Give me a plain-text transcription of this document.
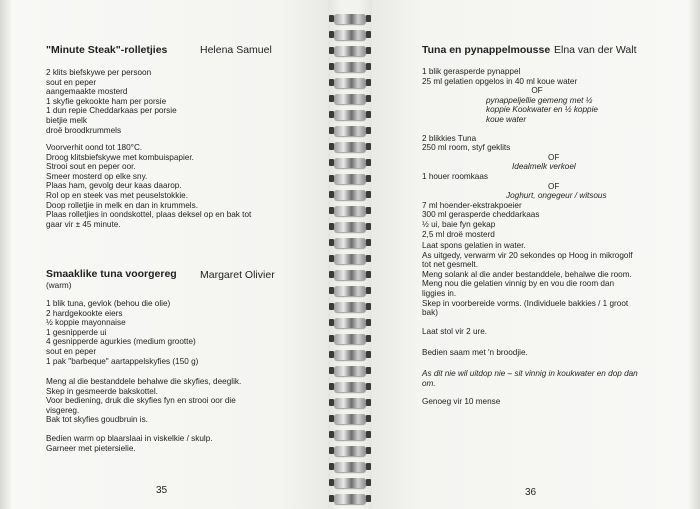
"Minute Steak"-rolletjies	Helena Samuel
2 klits biefskywe per persoon
sout en peper
aangemaakte mosterd
1 skyfie gekookte ham per porsie
1 dun repie Cheddarkaas per porsie
bietjie melk
droë broodkrummels
Voorverhit oond tot 180°C.
Droog klitsbiefskywe met kombuispapier.
Strooi sout en peper oor.
Smeer mosterd op elke sny.
Plaas ham, gevolg deur kaas daarop.
Rol op en steek vas met peuselstokkie.
Doop rolletjie in melk en dan in krummels.
Plaas rolletjies in oondskottel, plaas deksel op en bak tot
gaar vir ± 45 minute.
Smaaklike tuna voorgereg Margaret Olivier
(warm)
1 blik tuna, gevlok (behou die olie)
2 hardgekookte eiers
½ koppie mayonnaise
1 gesnipperde ui
4 gesnipperde agurkies (medium grootte)
sout en peper
1 pak "barbeque" aartappelskyfies (150 g)
Meng al die bestanddele behalwe die skyfies, deeglik.
Skep in gesmeerde bakskottel.
Voor bediening, druk die skyfies fyn en strooi oor die
visgereg.
Bak tot skyfies goudbruin is.
Bedien warm op blaarslaai in viskelkie / skulp.
Garneer met pietersielie.
35
Tuna en pynappelmousse Elna van der Walt
1 blik gerasperde pynappel
25 ml gelatien opgelos in 40 ml koue water
OF
pynappeljellie gemeng met ½
koppie Kookwater en ½ koppie
koue water
2 blikkies Tuna
250 ml room, styf geklits
OF
Idealmelk verkoel
1 houer roomkaas
OF
Joghurt, ongegeur / witsous
7 ml hoender-ekstrakpoeier
300 ml gerasperde cheddarkaas
½ ui, baie fyn gekap
2,5 ml droë mosterd
Laat spons gelatien in water.
As uitgedy, verwarm vir 20 sekondes op Hoog in mikrogolf
tot net gesmelt.
Meng solank al die ander bestanddele, behalwe die room.
Meng nou die gelatien vinnig by en vou die room dan
liggies in.
Skep in voorbereide vorms. (Individuele bakkies / 1 groot
bak)
Laat stol vir 2 ure.
Bedien saam met 'n broodjie.
As dit nie wil uitdop nie – sit vinnig in koukwater en dop dan
om.
Genoeg vir 10 mense
36
